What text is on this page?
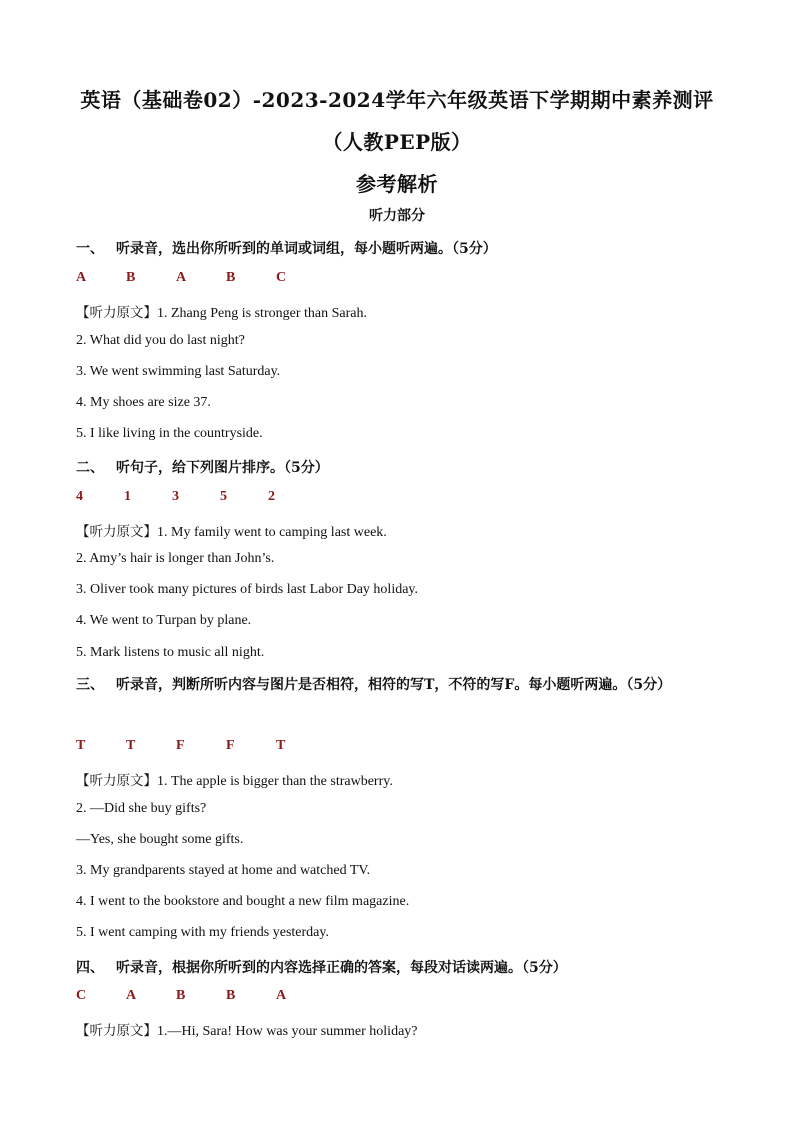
英语（基础卷02）-2023-2024学年六年级英语下学期期中素养测评
（人教PEP版）
参考解析
听力部分
一、 听录音，选出你所听到的单词或词组，每小题听两遍。（5分）
A	B	A	B	C
【听力原文】1. Zhang Peng is stronger than Sarah.
2. What did you do last night?
3. We went swimming last Saturday.
4. My shoes are size 37.
5. I like living in the countryside.
二、 听句子，给下列图片排序。（5分）
4	1	3	5	2
【听力原文】1. My family went to camping last week.
2. Amy’s hair is longer than John’s.
3. Oliver took many pictures of birds last Labor Day holiday.
4. We went to Turpan by plane.
5. Mark listens to music all night.
三、 听录音，判断所听内容与图片是否相符，相符的写T，不符的写F。每小题听两遍。（5分）
T	T	F	F	T
【听力原文】1. The apple is bigger than the strawberry.
2. —Did she buy gifts?
—Yes, she bought some gifts.
3. My grandparents stayed at home and watched TV.
4. I went to the bookstore and bought a new film magazine.
5. I went camping with my friends yesterday.
四、 听录音，根据你所听到的内容选择正确的答案，每段对话读两遍。（5分）
C	A	B	B	A
【听力原文】1.—Hi, Sara! How was your summer holiday?
